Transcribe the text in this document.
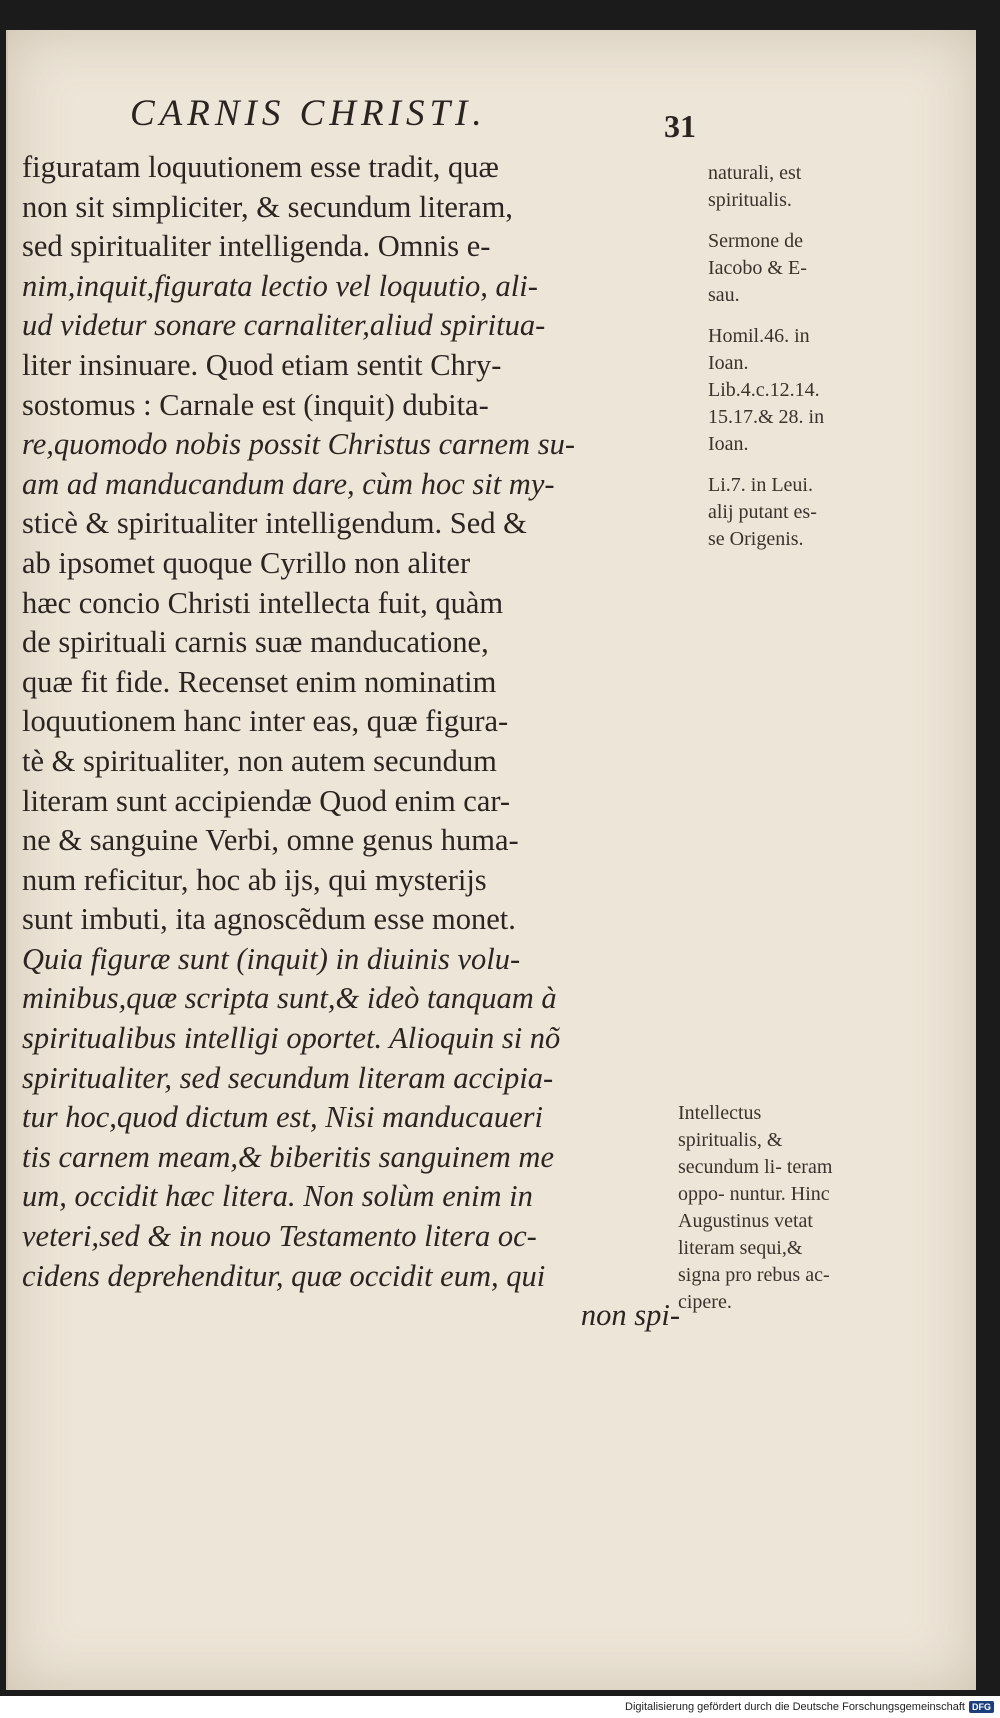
CARNIS CHRISTI.	31
figuratam loquutionem esse tradit, quæ
non sit simpliciter, & secundum literam,
sed spiritualiter intelligenda. Omnis e-
nim,inquit,figurata lectio vel loquutio, ali-
ud videtur sonare carnaliter,aliud spiritua-
liter insinuare. Quod etiam sentit Chry-
sostomus : Carnale est (inquit) dubita-
re,quomodo nobis possit Christus carnem su-
am ad manducandum dare, cùm hoc sit my-
sticè & spiritualiter intelligendum. Sed &
ab ipsomet quoque Cyrillo non aliter
hæc concio Christi intellecta fuit, quàm
de spirituali carnis suæ manducatione,
quæ fit fide. Recenset enim nominatim
loquutionem hanc inter eas, quæ figura-
tè & spiritualiter, non autem secundum
literam sunt accipiendæ Quod enim car-
ne & sanguine Verbi, omne genus huma-
num reficitur, hoc ab ijs, qui mysterijs
sunt imbuti, ita agnoscẽdum esse monet.
Quia figuræ sunt (inquit) in diuinis volu-
minibus,quæ scripta sunt,& ideò tanquam à
spiritualibus intelligi oportet. Alioquin si nõ
spiritualiter, sed secundum literam accipia-
tur hoc,quod dictum est, Nisi manducaueri
tis carnem meam,& biberitis sanguinem me
um, occidit hæc litera. Non solùm enim in
veteri,sed & in nouo Testamento litera oc-
cidens deprehenditur, quæ occidit eum, qui
non spi-
naturali, est
spiritualis.
Sermone de
Iacobo & E-
sau.
Homil.46. in
Ioan.
Lib.4.c.12.14.
15.17.& 28. in
Ioan.
Li.7. in Leui.
alij putant es-
se Origenis.
Intellectus spiritualis, & secundum li- teram oppo- nuntur. Hinc Augustinus vetat literam sequi,& signa pro rebus ac- cipere.
Digitalisierung gefördert durch die Deutsche Forschungsgemeinschaft DFG
